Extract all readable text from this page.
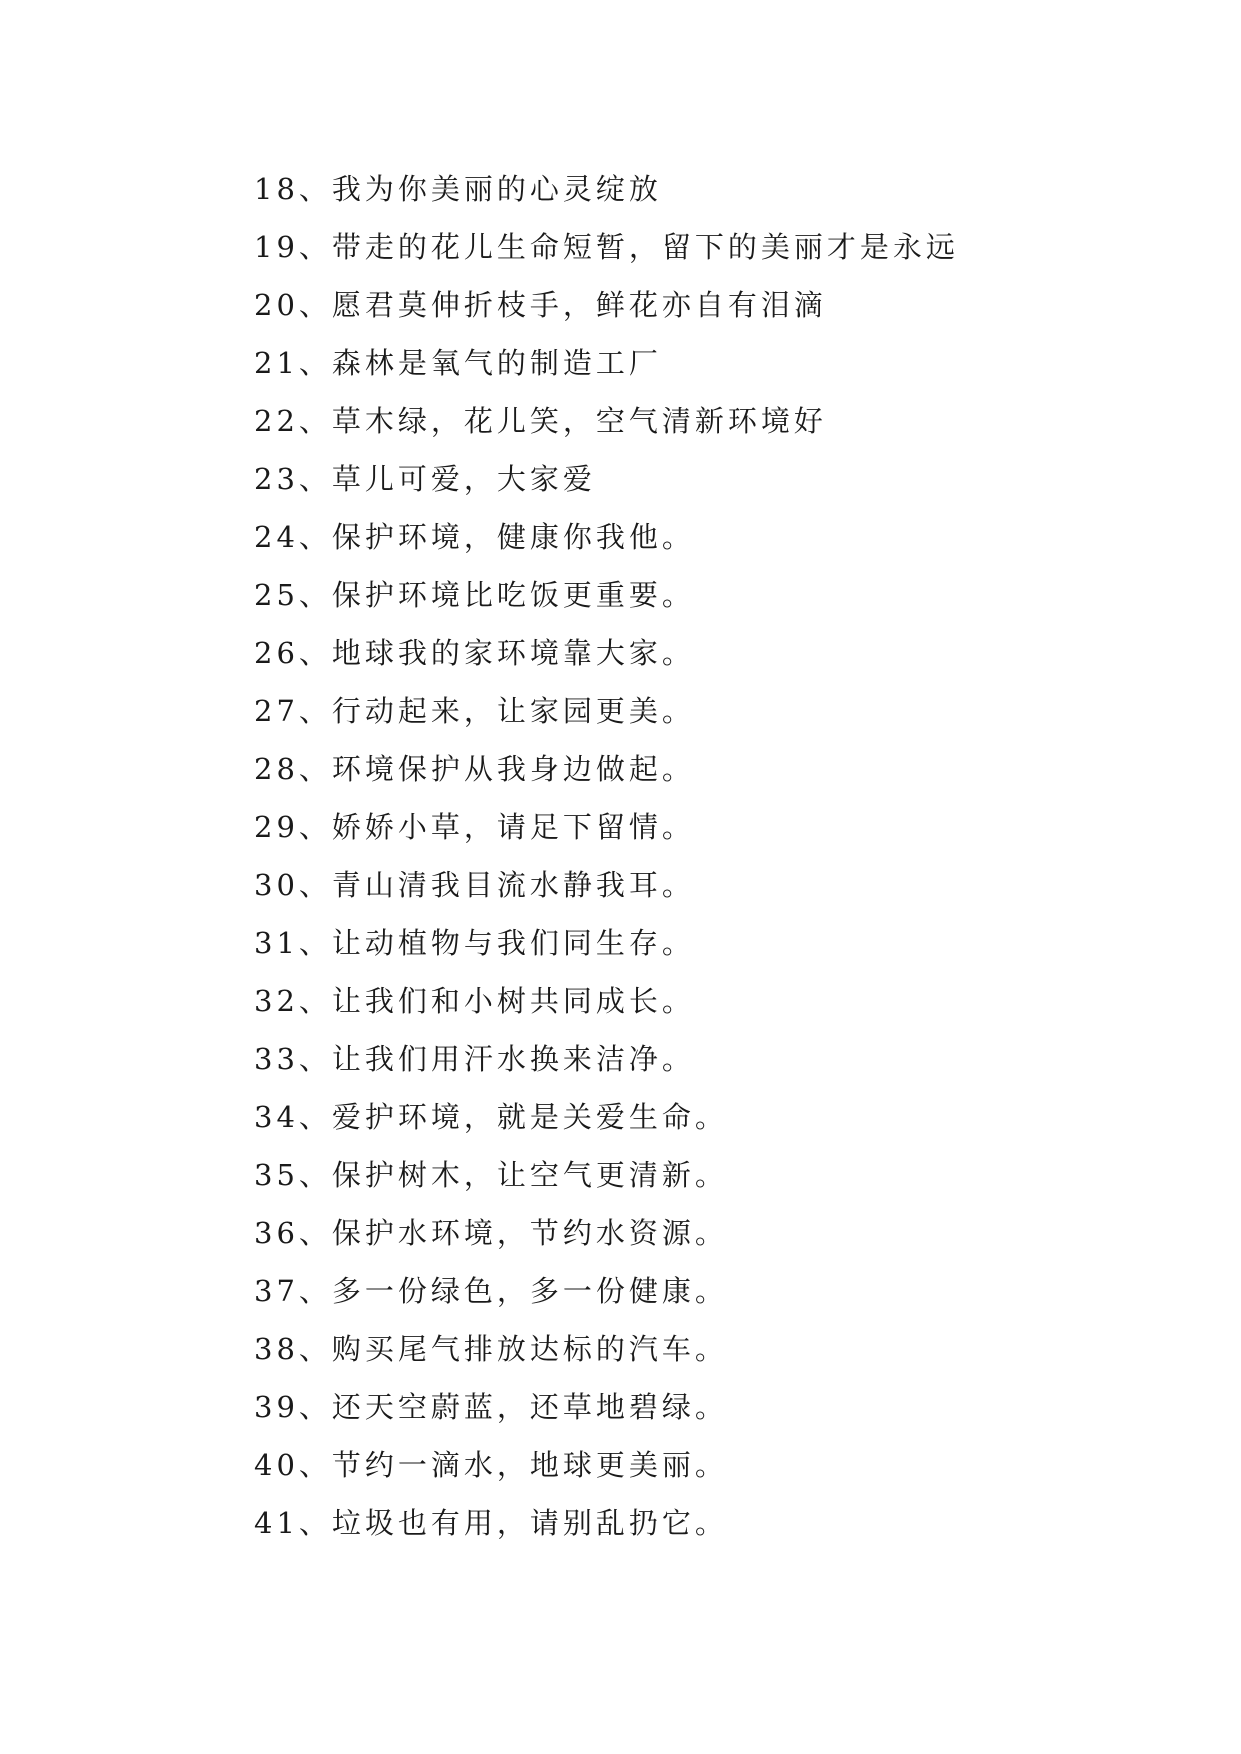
18、我为你美丽的心灵绽放
19、带走的花儿生命短暂，留下的美丽才是永远
20、愿君莫伸折枝手，鲜花亦自有泪滴
21、森林是氧气的制造工厂
22、草木绿，花儿笑，空气清新环境好
23、草儿可爱，大家爱
24、保护环境，健康你我他。
25、保护环境比吃饭更重要。
26、地球我的家环境靠大家。
27、行动起来，让家园更美。
28、环境保护从我身边做起。
29、娇娇小草，请足下留情。
30、青山清我目流水静我耳。
31、让动植物与我们同生存。
32、让我们和小树共同成长。
33、让我们用汗水换来洁净。
34、爱护环境，就是关爱生命。
35、保护树木，让空气更清新。
36、保护水环境，节约水资源。
37、多一份绿色，多一份健康。
38、购买尾气排放达标的汽车。
39、还天空蔚蓝，还草地碧绿。
40、节约一滴水，地球更美丽。
41、垃圾也有用，请别乱扔它。
